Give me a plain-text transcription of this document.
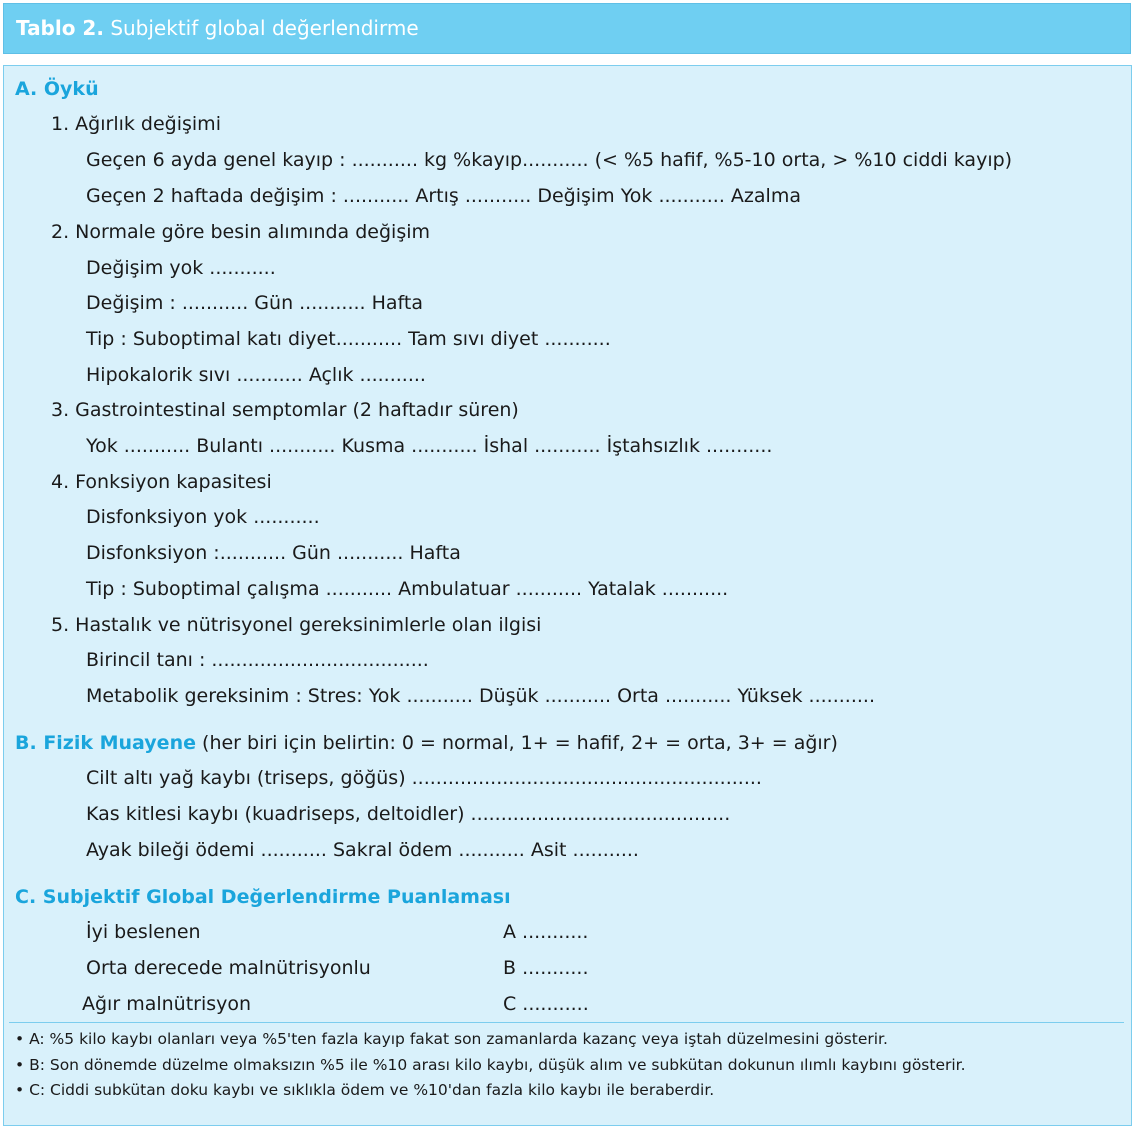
Tablo 2. Subjektif global değerlendirme
A. Öykü
1. Ağırlık değişimi
Geçen 6 ayda genel kayıp : ........... kg %kayıp........... (< %5 hafif, %5-10 orta, > %10 ciddi kayıp)
Geçen 2 haftada değişim : ........... Artış ........... Değişim Yok ........... Azalma
2. Normale göre besin alımında değişim
Değişim yok ...........
Değişim : ........... Gün ........... Hafta
Tip : Suboptimal katı diyet........... Tam sıvı diyet ...........
Hipokalorik sıvı ........... Açlık ...........
3. Gastrointestinal semptomlar (2 haftadır süren)
Yok ........... Bulantı ........... Kusma ........... İshal ........... İştahsızlık ...........
4. Fonksiyon kapasitesi
Disfonksiyon yok ...........
Disfonksiyon :........... Gün ........... Hafta
Tip : Suboptimal çalışma ........... Ambulatuar ........... Yatalak ...........
5. Hastalık ve nütrisyonel gereksinimlerle olan ilgisi
Birincil tanı : ....................................
Metabolik gereksinim : Stres: Yok ........... Düşük ........... Orta ........... Yüksek ...........
B. Fizik Muayene (her biri için belirtin: 0 = normal, 1+ = hafif, 2+ = orta, 3+ = ağır)
Cilt altı yağ kaybı (triseps, göğüs) ..........................................................
Kas kitlesi kaybı (kuadriseps, deltoidler) ...........................................
Ayak bileği ödemi ........... Sakral ödem ........... Asit ...........
C. Subjektif Global Değerlendirme Puanlaması
İyi beslenen	A ...........
Orta derecede malnütrisyonlu	B ...........
Ağır malnütrisyon	C ...........
• A: %5 kilo kaybı olanları veya %5'ten fazla kayıp fakat son zamanlarda kazanç veya iştah düzelmesini gösterir.
• B: Son dönemde düzelme olmaksızın %5 ile %10 arası kilo kaybı, düşük alım ve subkütan dokunun ılımlı kaybını gösterir.
• C: Ciddi subkütan doku kaybı ve sıklıkla ödem ve %10'dan fazla kilo kaybı ile beraberdir.
